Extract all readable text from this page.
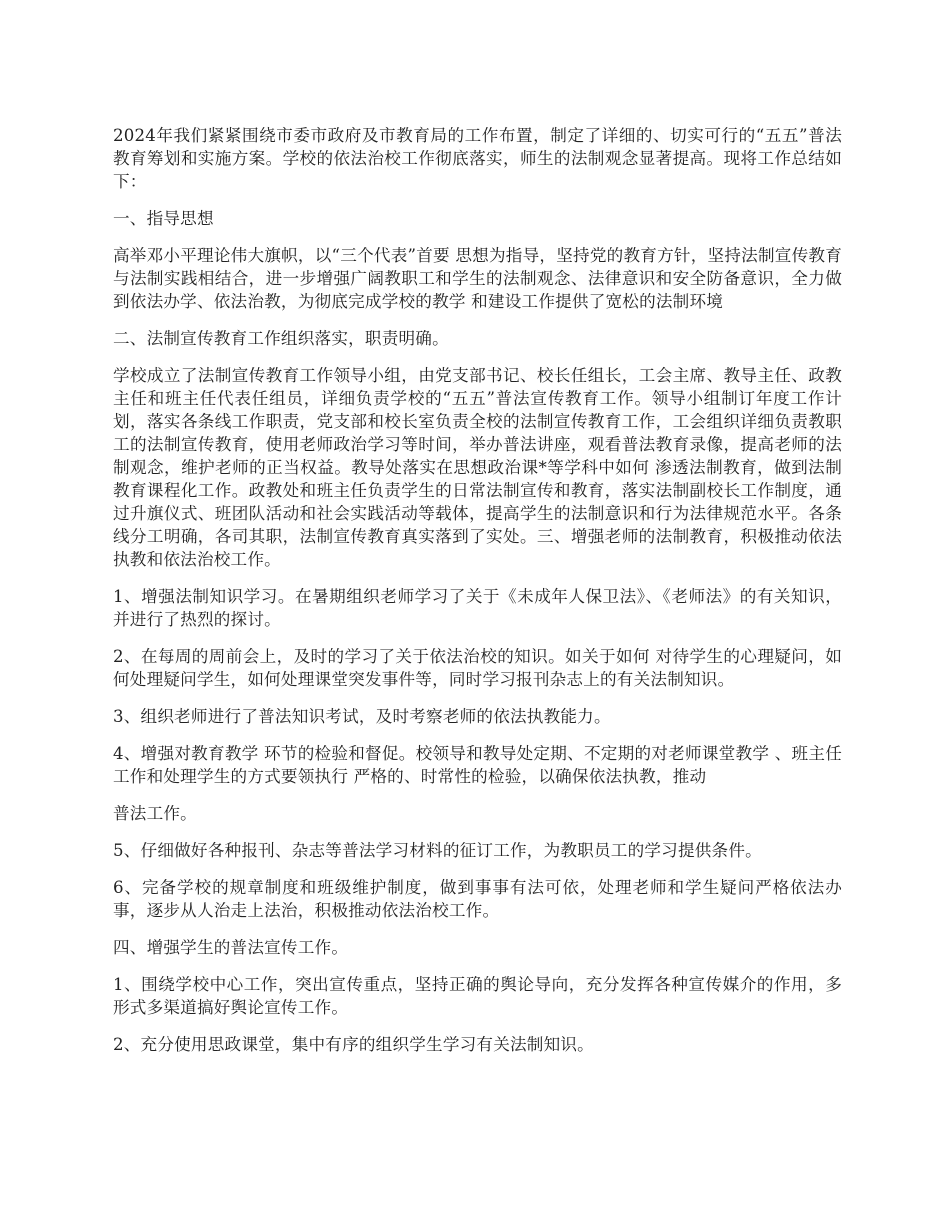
2024年我们紧紧围绕市委市政府及市教育局的工作布置，制定了详细的、切实可行的“五五”普法教育筹划和实施方案。学校的依法治校工作彻底落实，师生的法制观念显著提高。现将工作总结如下：

一、指导思想

高举邓小平理论伟大旗帜，以“三个代表”首要 思想为指导，坚持党的教育方针，坚持法制宣传教育与法制实践相结合，进一步增强广阔教职工和学生的法制观念、法律意识和安全防备意识，全力做到依法办学、依法治教，为彻底完成学校的教学 和建设工作提供了宽松的法制环境

二、法制宣传教育工作组织落实，职责明确。

学校成立了法制宣传教育工作领导小组，由党支部书记、校长任组长，工会主席、教导主任、政教主任和班主任代表任组员，详细负责学校的“五五”普法宣传教育工作。领导小组制订年度工作计划，落实各条线工作职责，党支部和校长室负责全校的法制宣传教育工作，工会组织详细负责教职工的法制宣传教育，使用老师政治学习等时间，举办普法讲座，观看普法教育录像，提高老师的法制观念，维护老师的正当权益。教导处落实在思想政治课*等学科中如何 渗透法制教育，做到法制教育课程化工作。政教处和班主任负责学生的日常法制宣传和教育，落实法制副校长工作制度，通过升旗仪式、班团队活动和社会实践活动等载体，提高学生的法制意识和行为法律规范水平。各条线分工明确，各司其职，法制宣传教育真实落到了实处。三、增强老师的法制教育，积极推动依法执教和依法治校工作。

1、增强法制知识学习。在暑期组织老师学习了关于《未成年人保卫法》、《老师法》的有关知识，并进行了热烈的探讨。

2、在每周的周前会上，及时的学习了关于依法治校的知识。如关于如何 对待学生的心理疑问，如何处理疑问学生，如何处理课堂突发事件等，同时学习报刊杂志上的有关法制知识。

3、组织老师进行了普法知识考试，及时考察老师的依法执教能力。

4、增强对教育教学 环节的检验和督促。校领导和教导处定期、不定期的对老师课堂教学 、班主任工作和处理学生的方式要领执行 严格的、时常性的检验，以确保依法执教，推动

普法工作。

5、仔细做好各种报刊、杂志等普法学习材料的征订工作，为教职员工的学习提供条件。

6、完备学校的规章制度和班级维护制度，做到事事有法可依，处理老师和学生疑问严格依法办事，逐步从人治走上法治，积极推动依法治校工作。

四、增强学生的普法宣传工作。

1、围绕学校中心工作，突出宣传重点，坚持正确的舆论导向，充分发挥各种宣传媒介的作用，多形式多渠道搞好舆论宣传工作。

2、充分使用思政课堂，集中有序的组织学生学习有关法制知识。
